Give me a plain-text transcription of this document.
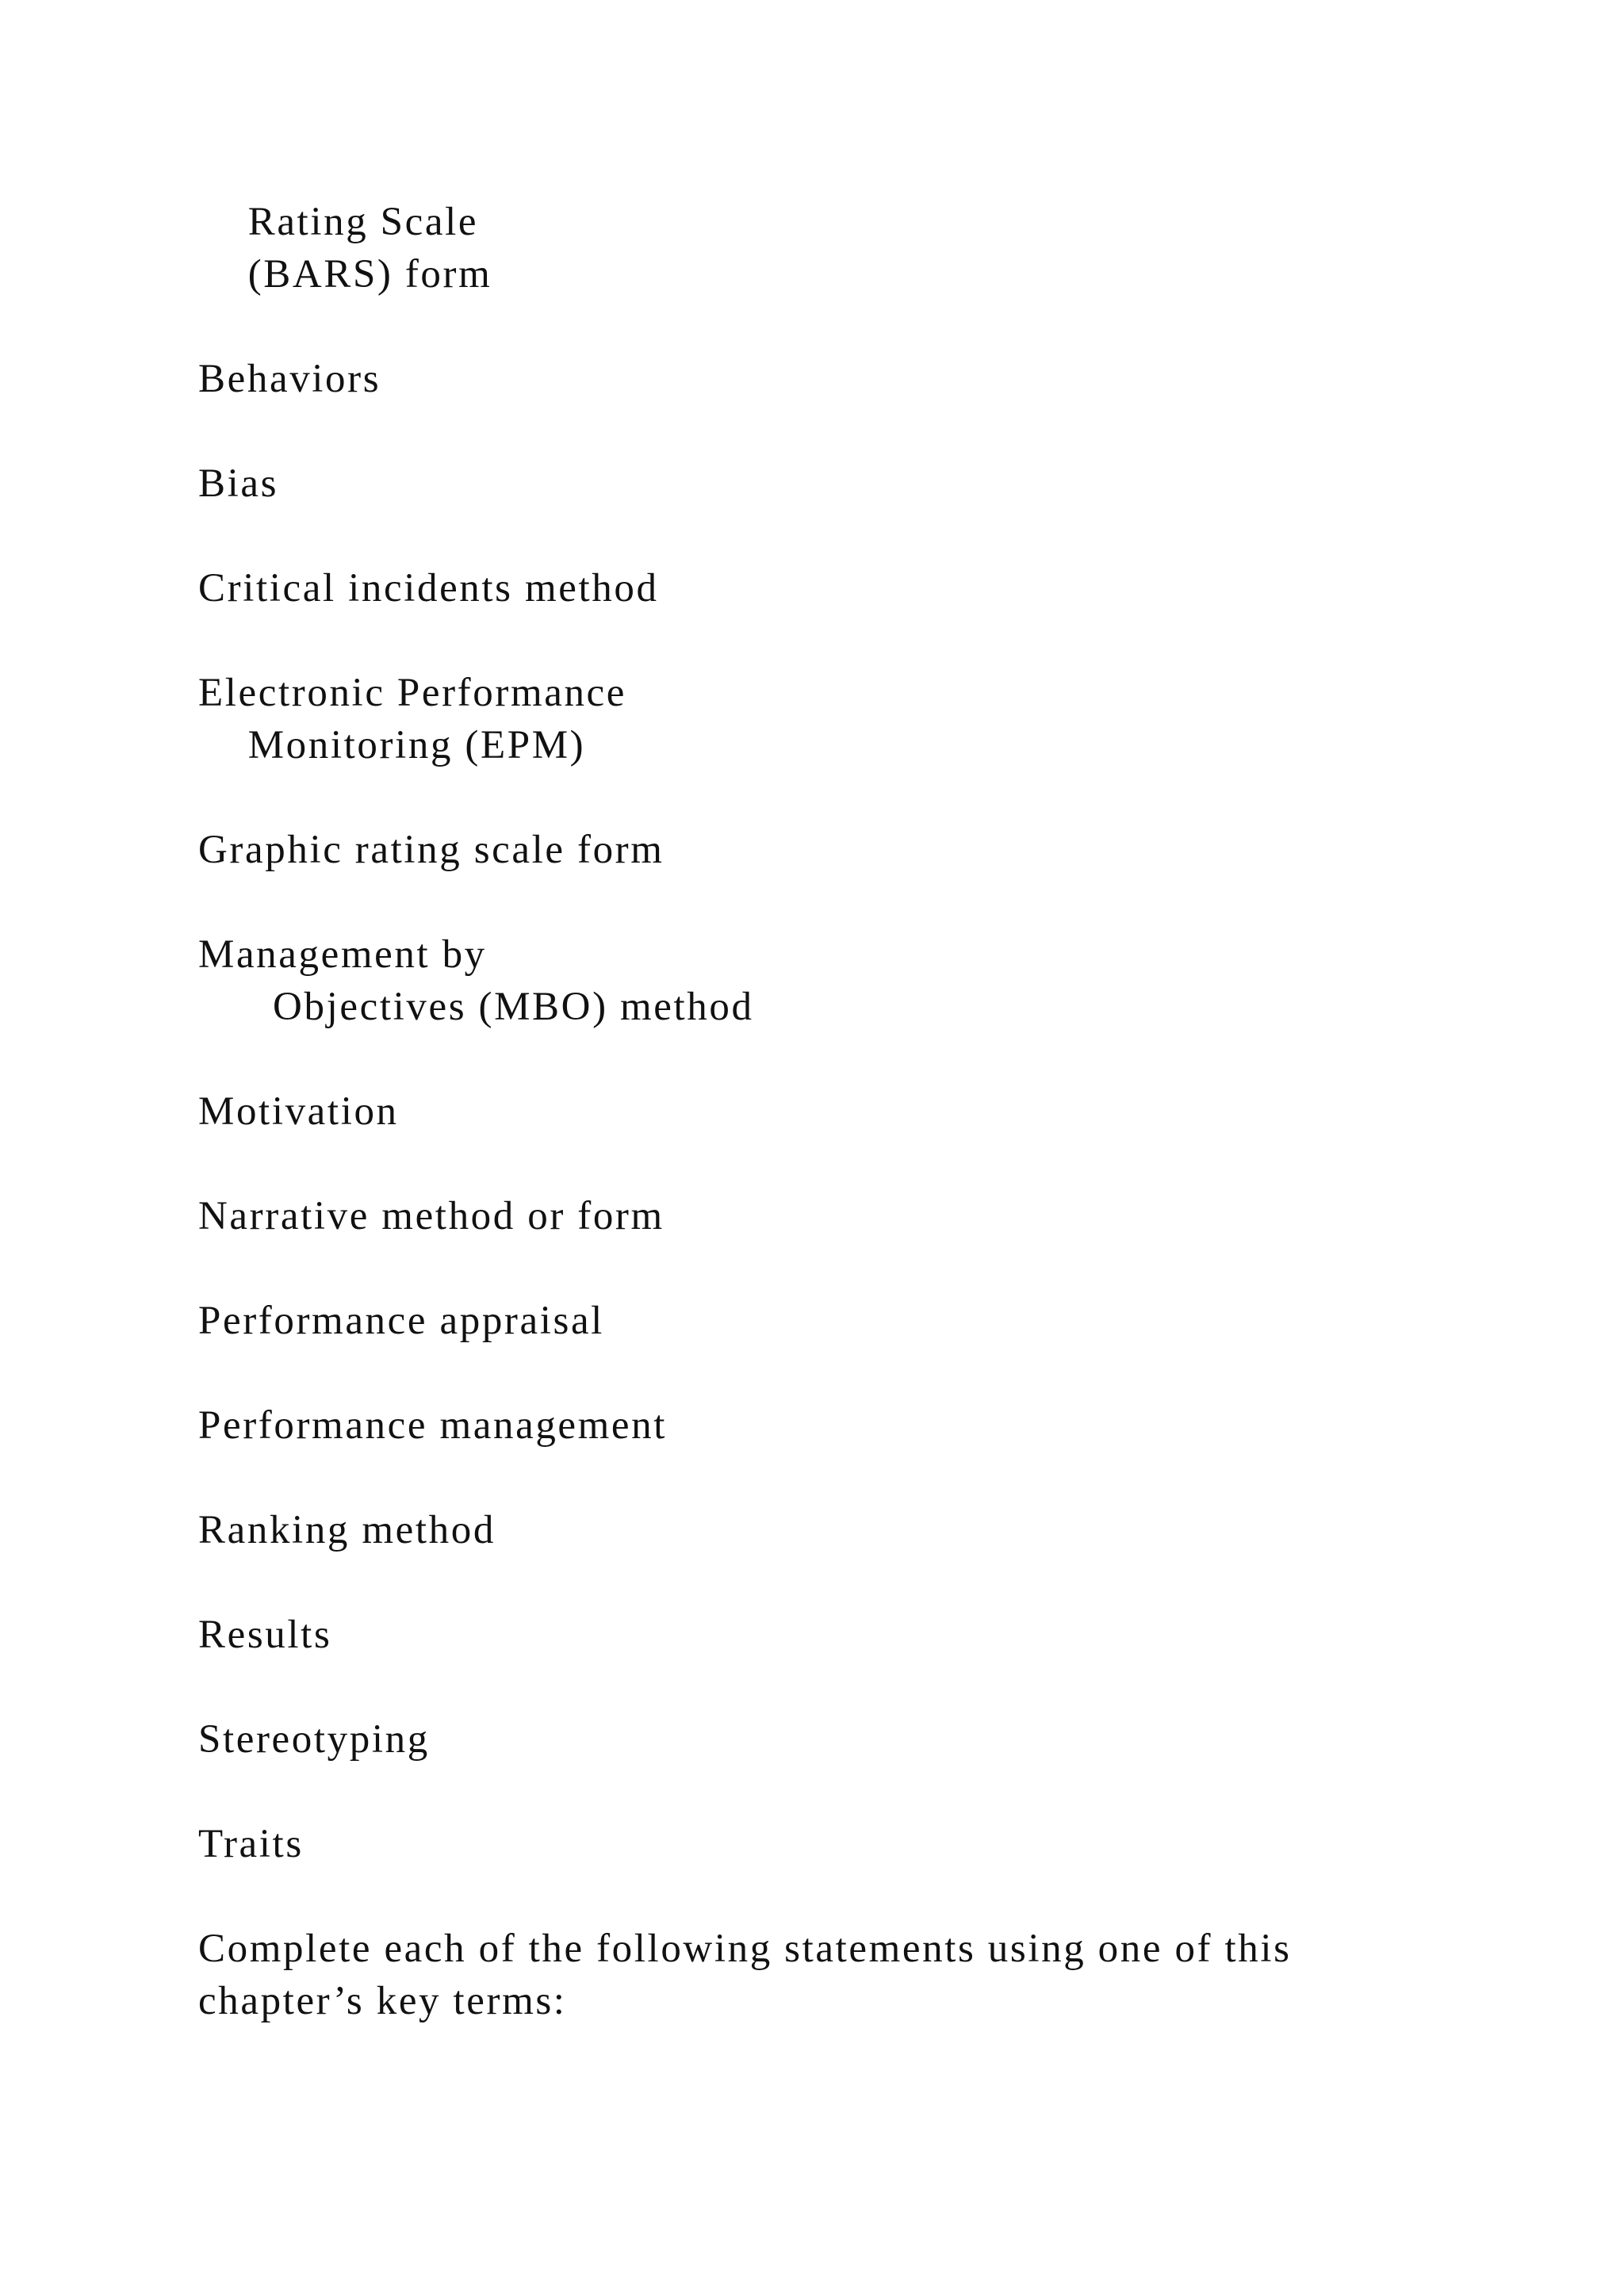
Rating Scale
(BARS) form
Behaviors
Bias
Critical incidents method
Electronic Performance
Monitoring (EPM)
Graphic rating scale form
Management by
Objectives (MBO) method
Motivation
Narrative method or form
Performance appraisal
Performance management
Ranking method
Results
Stereotyping
Traits
Complete each of the following statements using one of this
chapter’s key terms:
